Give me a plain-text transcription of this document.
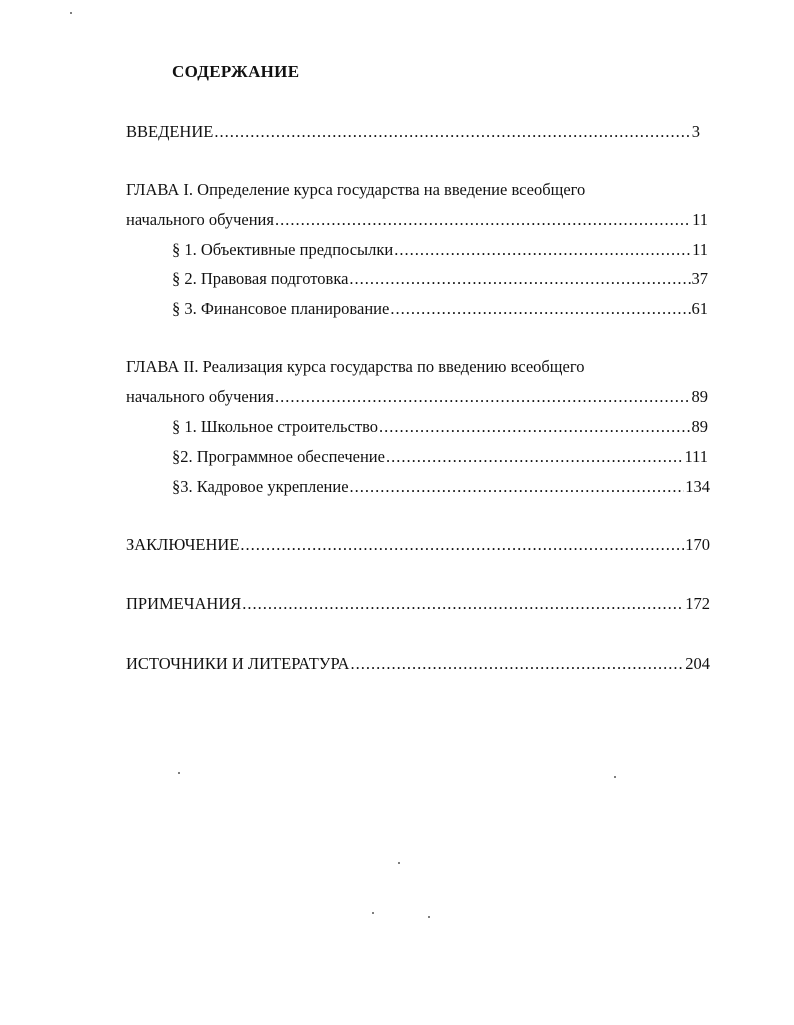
СОДЕРЖАНИЕ
ВВЕДЕНИЕ .....	3
ГЛАВА I. Определение курса государства на введение всеобщего
начального обучения .....	11
§ 1. Объективные предпосылки .....	11
§ 2. Правовая подготовка .....	37
§ 3. Финансовое планирование .....	61
ГЛАВА II. Реализация курса государства по введению всеобщего
начального обучения .....	89
§ 1. Школьное строительство .....	89
§2. Программное обеспечение .....	111
§3. Кадровое укрепление .....	134
ЗАКЛЮЧЕНИЕ .....	170
ПРИМЕЧАНИЯ .....	172
ИСТОЧНИКИ И ЛИТЕРАТУРА .....	204
